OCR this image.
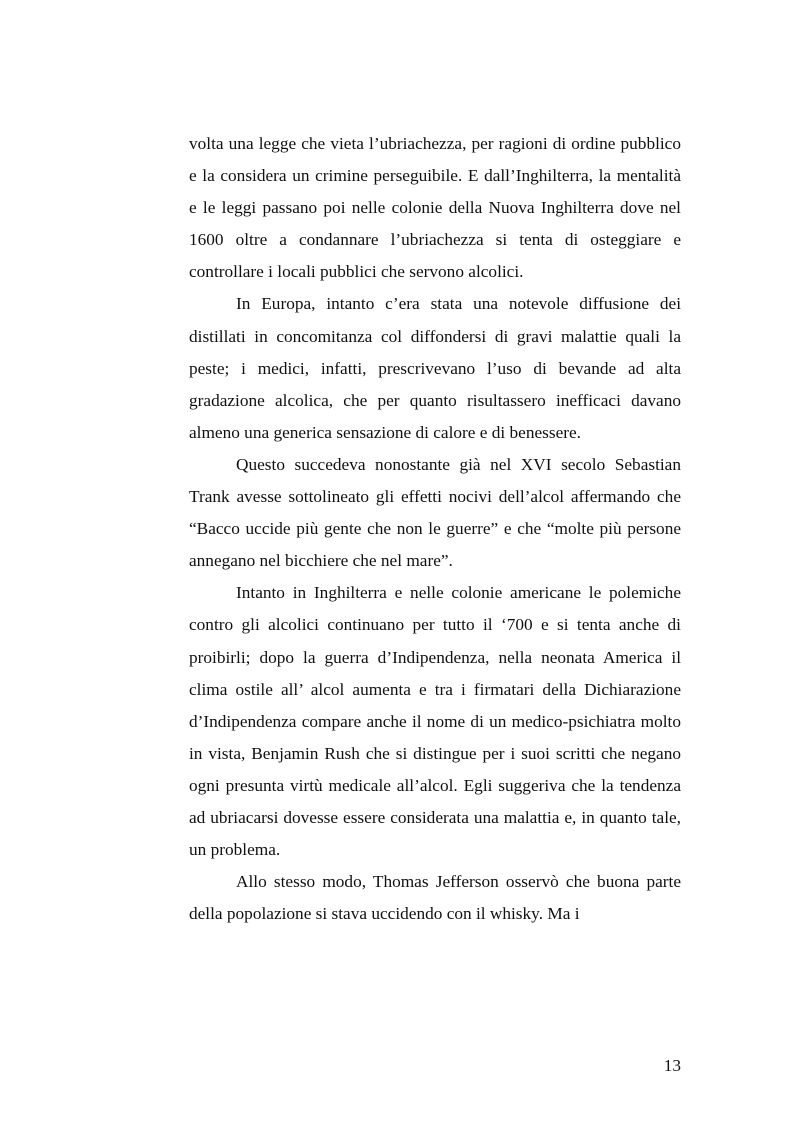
volta una legge che vieta l’ubriachezza, per ragioni di ordine pubblico e la considera un crimine perseguibile. E dall’Inghilterra, la mentalità e le leggi passano poi nelle colonie della Nuova Inghilterra dove nel 1600 oltre a condannare l’ubriachezza si tenta di osteggiare e controllare i locali pubblici che servono alcolici.

In Europa, intanto c’era stata una notevole diffusione dei distillati in concomitanza col diffondersi di gravi malattie quali la peste; i medici, infatti, prescrivevano l’uso di bevande ad alta gradazione alcolica, che per quanto risultassero inefficaci davano almeno una generica sensazione di calore e di benessere.

Questo succedeva nonostante già nel XVI secolo Sebastian Trank avesse sottolineato gli effetti nocivi dell’alcol affermando che “Bacco uccide più gente che non le guerre” e che “molte più persone annegano nel bicchiere che nel mare”.

Intanto in Inghilterra e nelle colonie americane le polemiche contro gli alcolici continuano per tutto il ‘700 e si tenta anche di proibirli; dopo la guerra d’Indipendenza, nella neonata America il clima ostile all’ alcol aumenta e tra i firmatari della Dichiarazione d’Indipendenza compare anche il nome di un medico-psichiatra molto in vista, Benjamin Rush che si distingue per i suoi scritti che negano ogni presunta virtù medicale all’alcol. Egli suggeriva che la tendenza ad ubriacarsi dovesse essere considerata una malattia e, in quanto tale, un problema.

Allo stesso modo, Thomas Jefferson osservò che buona parte della popolazione si stava uccidendo con il whisky. Ma i

13
